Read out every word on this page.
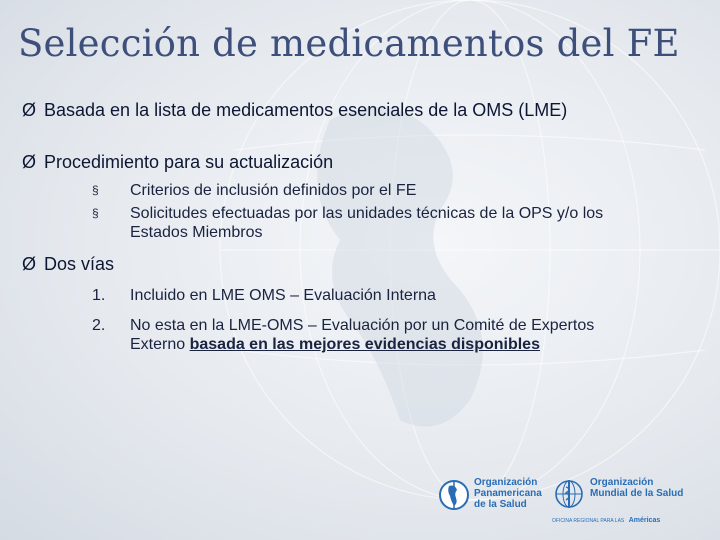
Selección de medicamentos del FE
Ø Basada en la lista de medicamentos esenciales de la OMS (LME)
Ø Procedimiento para su actualización
§ Criterios de inclusión definidos por el FE
§ Solicitudes efectuadas por las unidades técnicas de la OPS y/o los
Estados Miembros
Ø Dos vías
1. Incluido en LME OMS – Evaluación Interna
2. No esta en la LME-OMS – Evaluación por un Comité de Expertos
Externo basada en las mejores evidencias disponibles
Organización
Panamericana
de la Salud
Organización
Mundial de la Salud
OFICINA REGIONAL PARA LAS Américas
